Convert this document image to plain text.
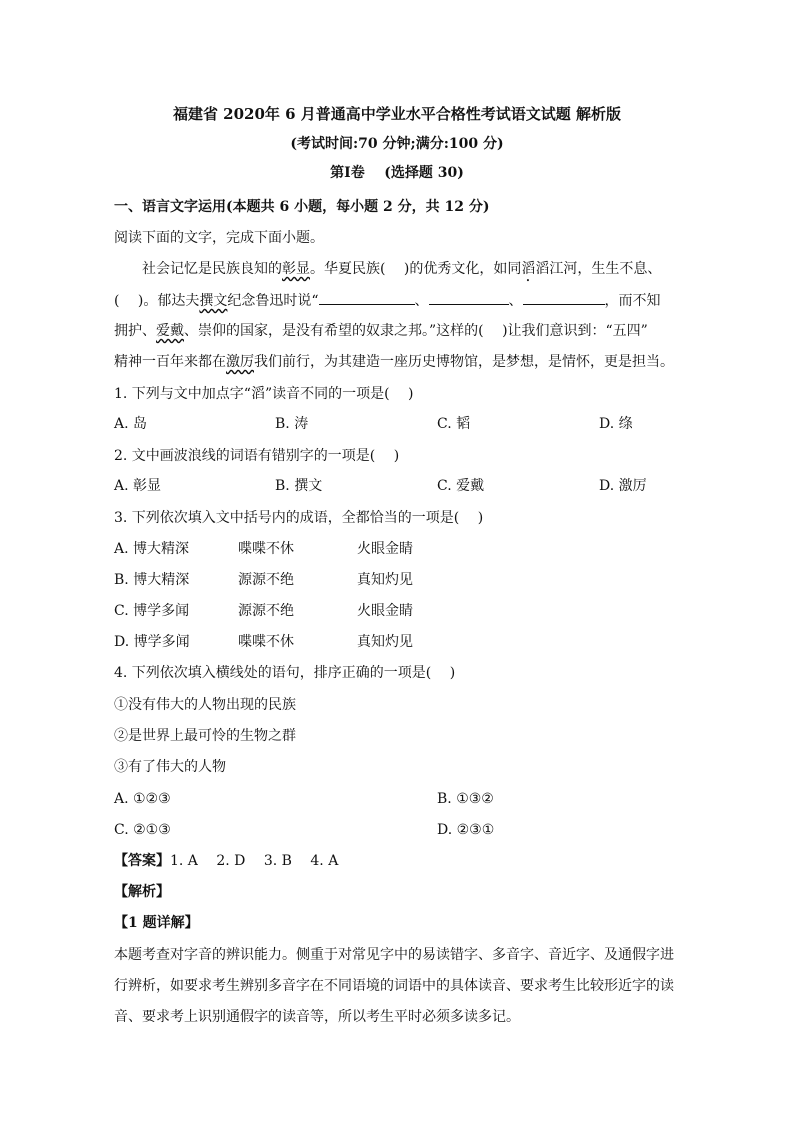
福建省 2020年 6 月普通高中学业水平合格性考试语文试题 解析版
(考试时间:70 分钟;满分:100 分)
第Ⅰ卷 (选择题 30)
一、语言文字运用(本题共 6 小题，每小题 2 分，共 12 分)
阅读下面的文字，完成下面小题。
社会记忆是民族良知的彰显。华夏民族(　 )的优秀文化，如同滔滔江河，生生不息、
(　 )。郁达夫撰文纪念鲁迅时说“	、	、	，而不知
拥护、爱戴、崇仰的国家，是没有希望的奴隶之邦。”这样的(　 )让我们意识到：“五四”
精神一百年来都在激厉我们前行，为其建造一座历史博物馆，是梦想，是情怀，更是担当。
1. 下列与文中加点字“滔”读音不同的一项是(　 )
A. 岛	B. 涛	C. 韬	D. 绦
2. 文中画波浪线的词语有错别字的一项是(　 )
A. 彰显	B. 撰文	C. 爱戴	D. 激厉
3. 下列依次填入文中括号内的成语，全都恰当的一项是(　 )
A. 博大精深	喋喋不休	火眼金睛
B. 博大精深	源源不绝	真知灼见
C. 博学多闻	源源不绝	火眼金睛
D. 博学多闻	喋喋不休	真知灼见
4. 下列依次填入横线处的语句，排序正确的一项是(　 )
①没有伟大的人物出现的民族
②是世界上最可怜的生物之群
③有了伟大的人物
A. ①②③	B. ①③②
C. ②①③	D. ②③①
【答案】1. A　 2. D　 3. B　 4. A
【解析】
【1 题详解】
本题考查对字音的辨识能力。侧重于对常见字中的易读错字、多音字、音近字、及通假字进
行辨析，如要求考生辨别多音字在不同语境的词语中的具体读音、要求考生比较形近字的读
音、要求考上识别通假字的读音等，所以考生平时必须多读多记。
